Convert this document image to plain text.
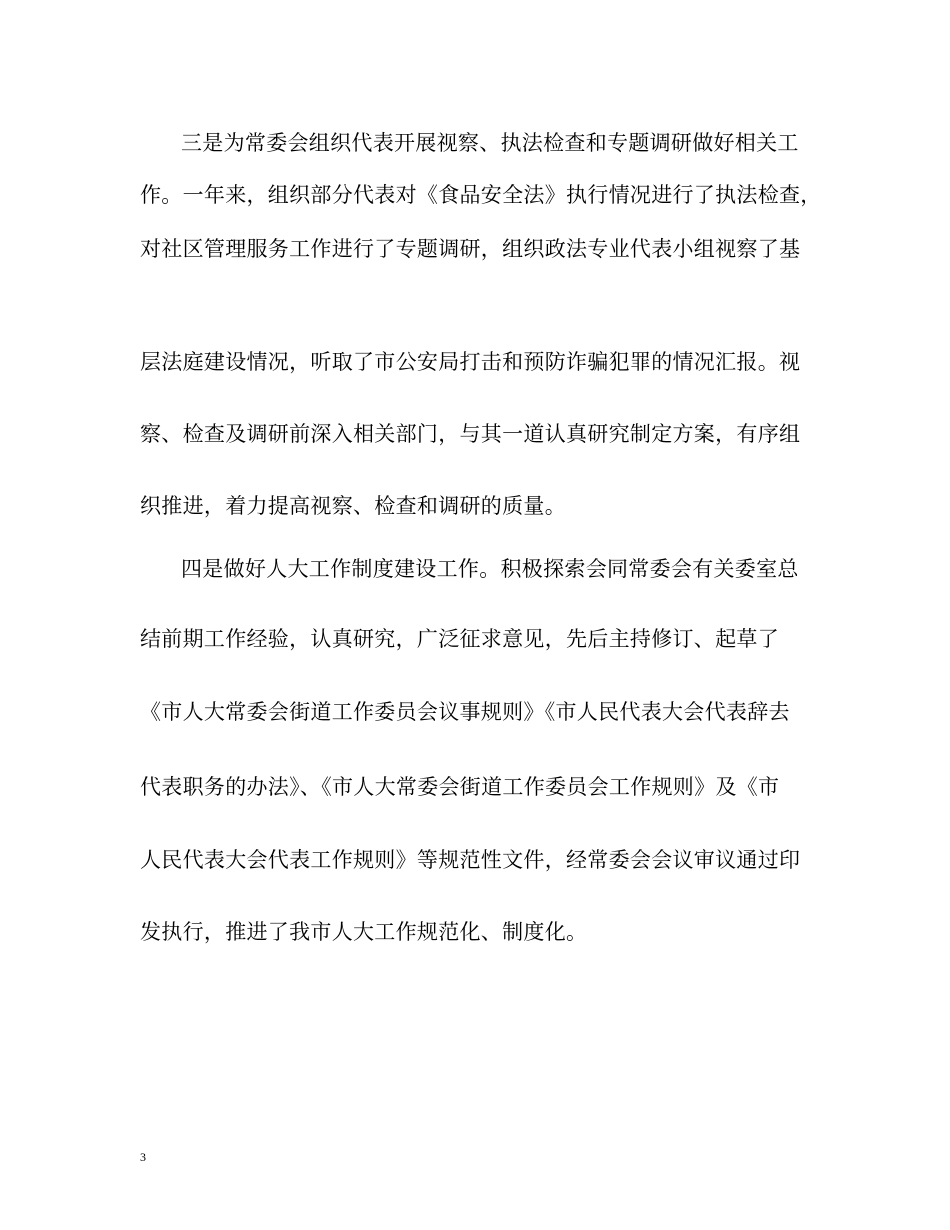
三是为常委会组织代表开展视察、执法检查和专题调研做好相关工
作。一年来，组织部分代表对《食品安全法》执行情况进行了执法检查，
对社区管理服务工作进行了专题调研，组织政法专业代表小组视察了基
层法庭建设情况，听取了市公安局打击和预防诈骗犯罪的情况汇报。视
察、检查及调研前深入相关部门，与其一道认真研究制定方案，有序组
织推进，着力提高视察、检查和调研的质量。
四是做好人大工作制度建设工作。积极探索会同常委会有关委室总
结前期工作经验，认真研究，广泛征求意见，先后主持修订、起草了
《市人大常委会街道工作委员会议事规则》《市人民代表大会代表辞去
代表职务的办法》、《市人大常委会街道工作委员会工作规则》及《市
人民代表大会代表工作规则》等规范性文件，经常委会会议审议通过印
发执行，推进了我市人大工作规范化、制度化。
3
